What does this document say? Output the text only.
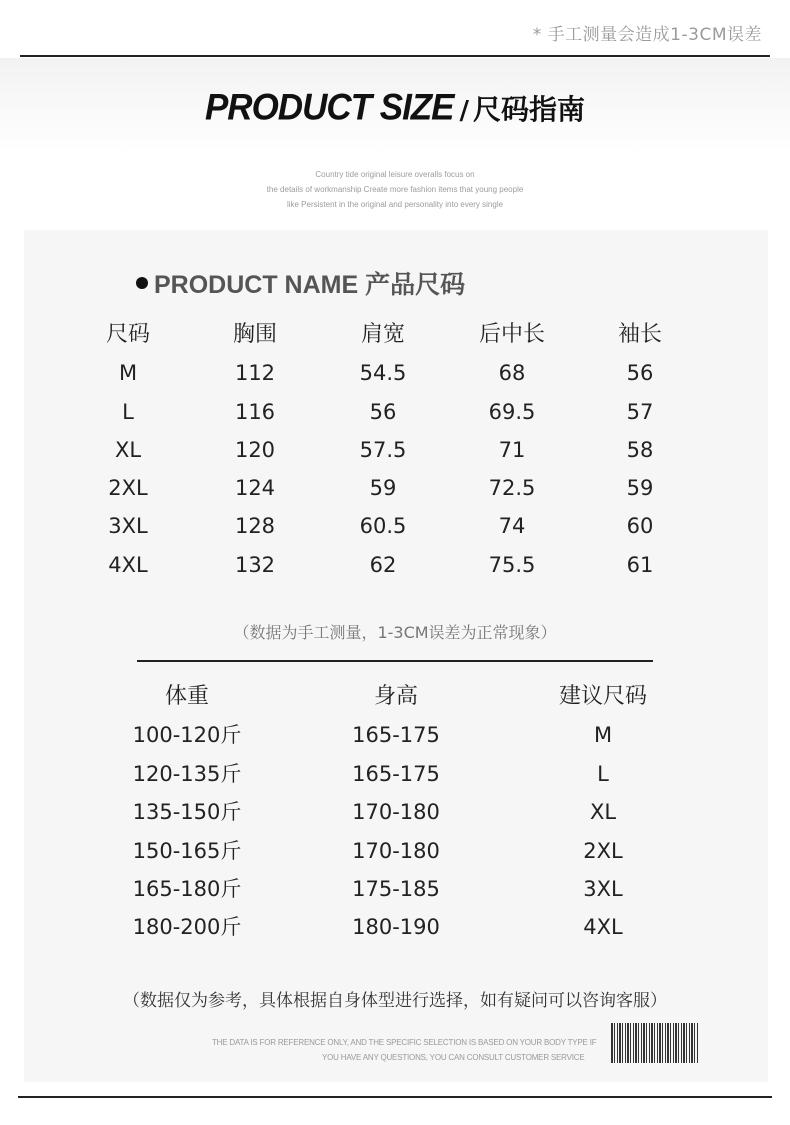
* 手工测量会造成1-3CM误差
PRODUCT SIZE / 尺码指南
Country tide original leisure overalls focus on
the details of workmanship Create more fashion items that young people
like Persistent in the original and personality into every single
PRODUCT NAME 产品尺码
尺码	胸围	肩宽	后中长	袖长
M	112	54.5	68	56
L	116	56	69.5	57
XL	120	57.5	71	58
2XL	124	59	72.5	59
3XL	128	60.5	74	60
4XL	132	62	75.5	61
（数据为手工测量，1-3CM误差为正常现象）
体重	身高	建议尺码
100-120斤	165-175	M
120-135斤	165-175	L
135-150斤	170-180	XL
150-165斤	170-180	2XL
165-180斤	175-185	3XL
180-200斤	180-190	4XL
（数据仅为参考，具体根据自身体型进行选择，如有疑问可以咨询客服）
THE DATA IS FOR REFERENCE ONLY, AND THE SPECIFIC SELECTION IS BASED ON YOUR BODY TYPE IF
YOU HAVE ANY QUESTIONS, YOU CAN CONSULT CUSTOMER SERVICE
